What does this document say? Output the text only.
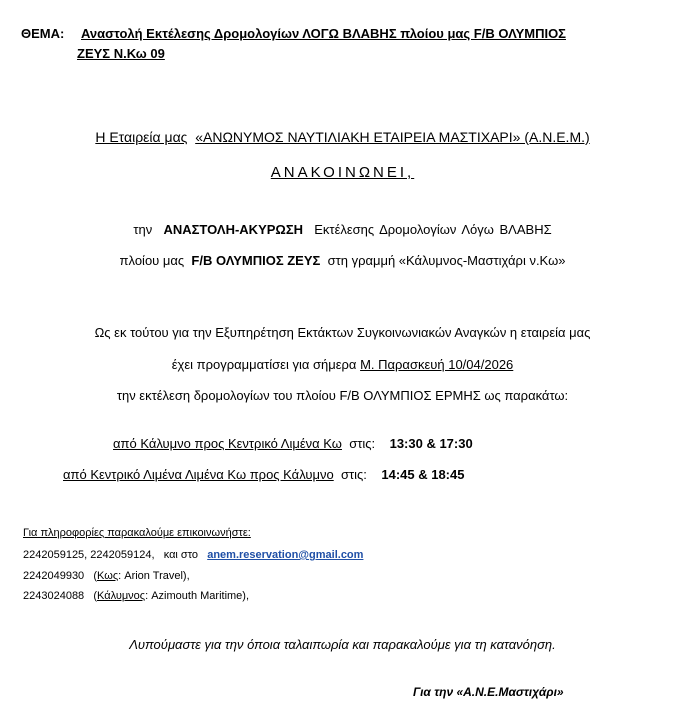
ΘΕΜΑ: Αναστολή Εκτέλεσης Δρομολογίων ΛΟΓΩ ΒΛΑΒΗΣ πλοίου μας F/B ΟΛΥΜΠΙΟΣ
ΖΕΥΣ Ν.Κω 09
Η Εταιρεία μας «ΑΝΩΝΥΜΟΣ ΝΑΥΤΙΛΙΑΚΗ ΕΤΑΙΡΕΙΑ ΜΑΣΤΙΧΑΡΙ» (Α.Ν.Ε.Μ.)
ΑΝΑΚΟΙΝΩΝΕΙ,
την ΑΝΑΣΤΟΛΗ-ΑΚΥΡΩΣΗ Εκτέλεσης Δρομολογίων Λόγω ΒΛΑΒΗΣ
πλοίου μας F/B ΟΛΥΜΠΙΟΣ ΖΕΥΣ στη γραμμή «Κάλυμνος-Μαστιχάρι ν.Κω»
Ως εκ τούτου για την Εξυπηρέτηση Εκτάκτων Συγκοινωνιακών Αναγκών η εταιρεία μας
έχει προγραμματίσει για σήμερα Μ. Παρασκευή 10/04/2026
την εκτέλεση δρομολογίων του πλοίου F/B ΟΛΥΜΠΙΟΣ ΕΡΜΗΣ ως παρακάτω:
από Κάλυμνο προς Κεντρικό Λιμένα Κω στις: 13:30 & 17:30
από Κεντρικό Λιμένα Λιμένα Κω προς Κάλυμνο στις: 14:45 & 18:45
Για πληροφορίες παρακαλούμε επικοινωνήστε:
2242059125, 2242059124, και στο anem.reservation@gmail.com
2242049930   (Κως: Arion Travel),
2243024088   (Κάλυμνος: Azimouth Maritime),
Λυπούμαστε για την όποια ταλαιπωρία και παρακαλούμε για τη κατανόηση.
Για την «Α.Ν.Ε.Μαστιχάρι»
